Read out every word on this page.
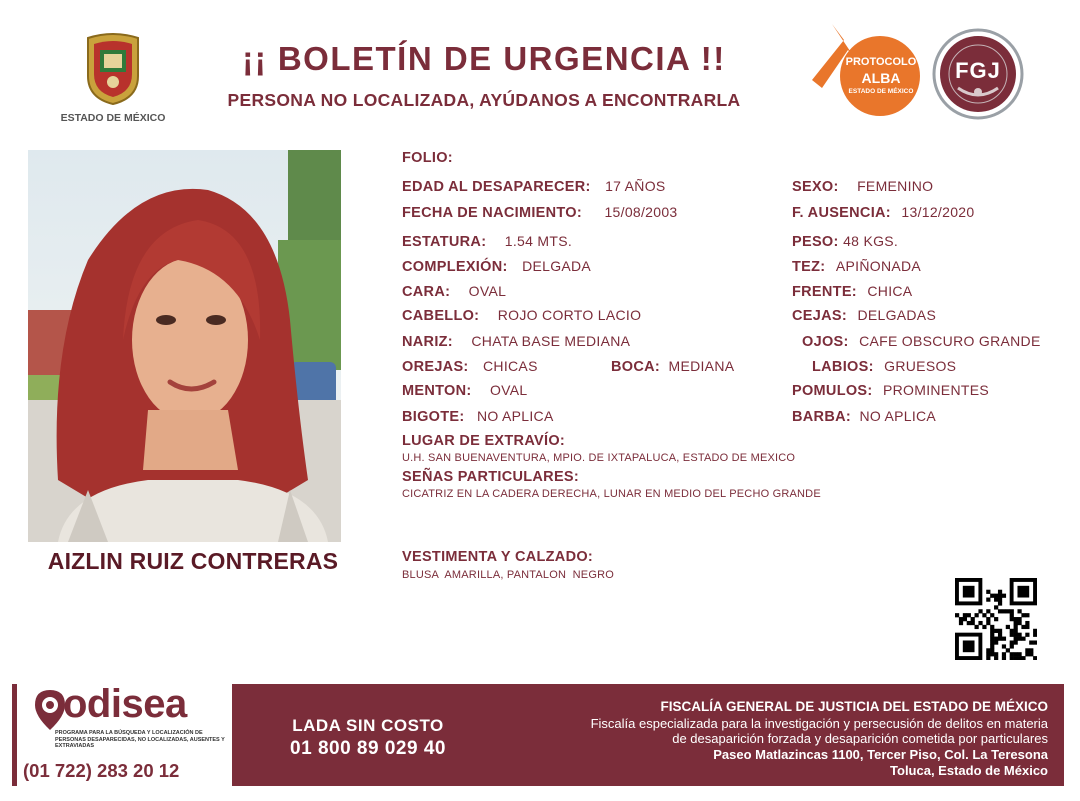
ESTADO DE MÉXICO
¡¡ BOLETÍN DE URGENCIA !!
PERSONA NO LOCALIZADA, AYÚDANOS A ENCONTRARLA
PROTOCOLO
ALBA
ESTADO DE MÉXICO
FGJ
AIZLIN RUIZ CONTRERAS
FOLIO:
EDAD AL DESAPARECER: 17 AÑOS	SEXO: FEMENINO
FECHA DE NACIMIENTO: 15/08/2003	F. AUSENCIA: 13/12/2020
ESTATURA: 1.54 MTS.	PESO: 48 KGS.
COMPLEXIÓN: DELGADA	TEZ: APIÑONADA
CARA: OVAL	FRENTE: CHICA
CABELLO: ROJO CORTO LACIO	CEJAS: DELGADAS
NARIZ: CHATA BASE MEDIANA	OJOS: CAFE OBSCURO GRANDE
OREJAS: CHICAS	BOCA: MEDIANA	LABIOS: GRUESOS
MENTON: OVAL	POMULOS: PROMINENTES
BIGOTE: NO APLICA	BARBA: NO APLICA
LUGAR DE EXTRAVÍO:
U.H. SAN BUENAVENTURA, MPIO. DE IXTAPALUCA, ESTADO DE MEXICO
SEÑAS PARTICULARES:
CICATRIZ EN LA CADERA DERECHA, LUNAR EN MEDIO DEL PECHO GRANDE
VESTIMENTA Y CALZADO:
BLUSA  AMARILLA, PANTALON  NEGRO
odisea
PROGRAMA PARA LA BÚSQUEDA Y LOCALIZACIÓN DE PERSONAS DESAPARECIDAS, NO LOCALIZADAS, AUSENTES Y EXTRAVIADAS
(01 722) 283 20 12
LADA SIN COSTO
01 800 89 029 40
FISCALÍA GENERAL DE JUSTICIA DEL ESTADO DE MÉXICO
Fiscalía especializada para la investigación y persecusión de delitos en materia
de desaparición forzada y desaparición cometida por particulares
Paseo Matlazincas 1100, Tercer Piso, Col. La Teresona
Toluca, Estado de México
